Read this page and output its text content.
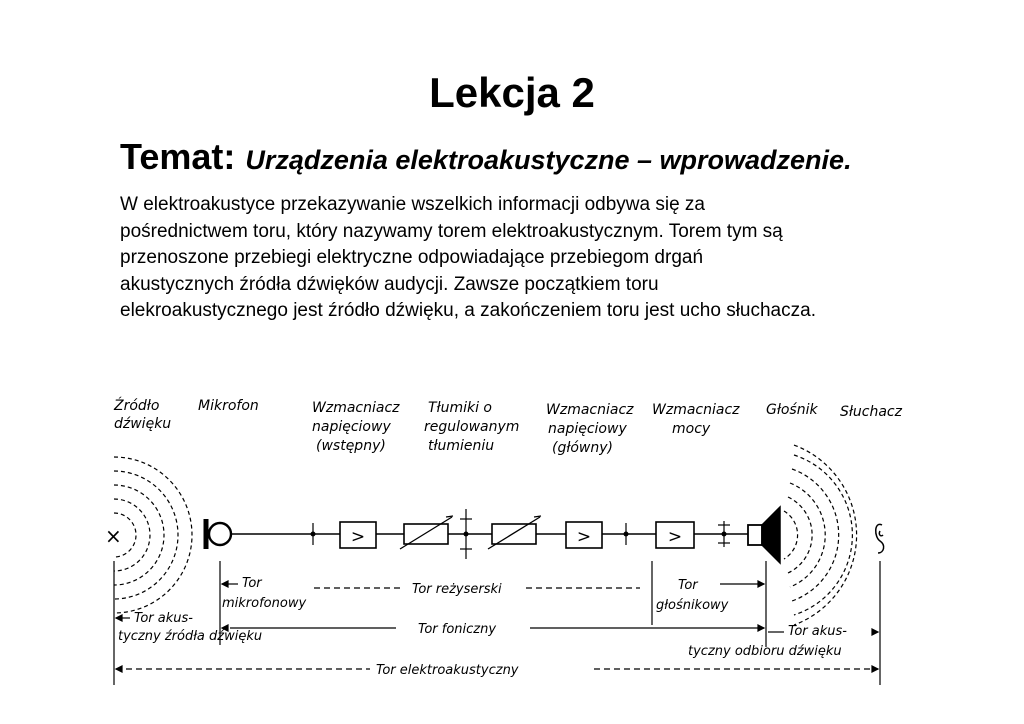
Lekcja 2
Temat: Urządzenia elektroakustyczne – wprowadzenie.

W elektroakustyce przekazywanie wszelkich informacji odbywa się za pośrednictwem toru, który nazywamy torem elektroakustycznym. Torem tym są przenoszone przebiegi elektryczne odpowiadające przebiegom drgań akustycznych źródła dźwięków audycji. Zawsze początkiem toru elekroakustycznego jest źródło dźwięku, a zakończeniem toru jest ucho słuchacza.

Źródło
dźwięku
Mikrofon	Wzmacniacz
napięciowy
(wstępny)
Tłumiki o
regulowanym
tłumieniu
Wzmacniacz
napięciowy
(główny)
Wzmacniacz
mocy
Głośnik Słuchacz
×	>	>	>
Tor
mikrofonowy
Tor reżyserski	Tor
głośnikowy
Tor akus-
tyczny źródła dźwięku	Tor foniczny	Tor akus-
tyczny odbioru dźwięku
Tor elektroakustyczny
